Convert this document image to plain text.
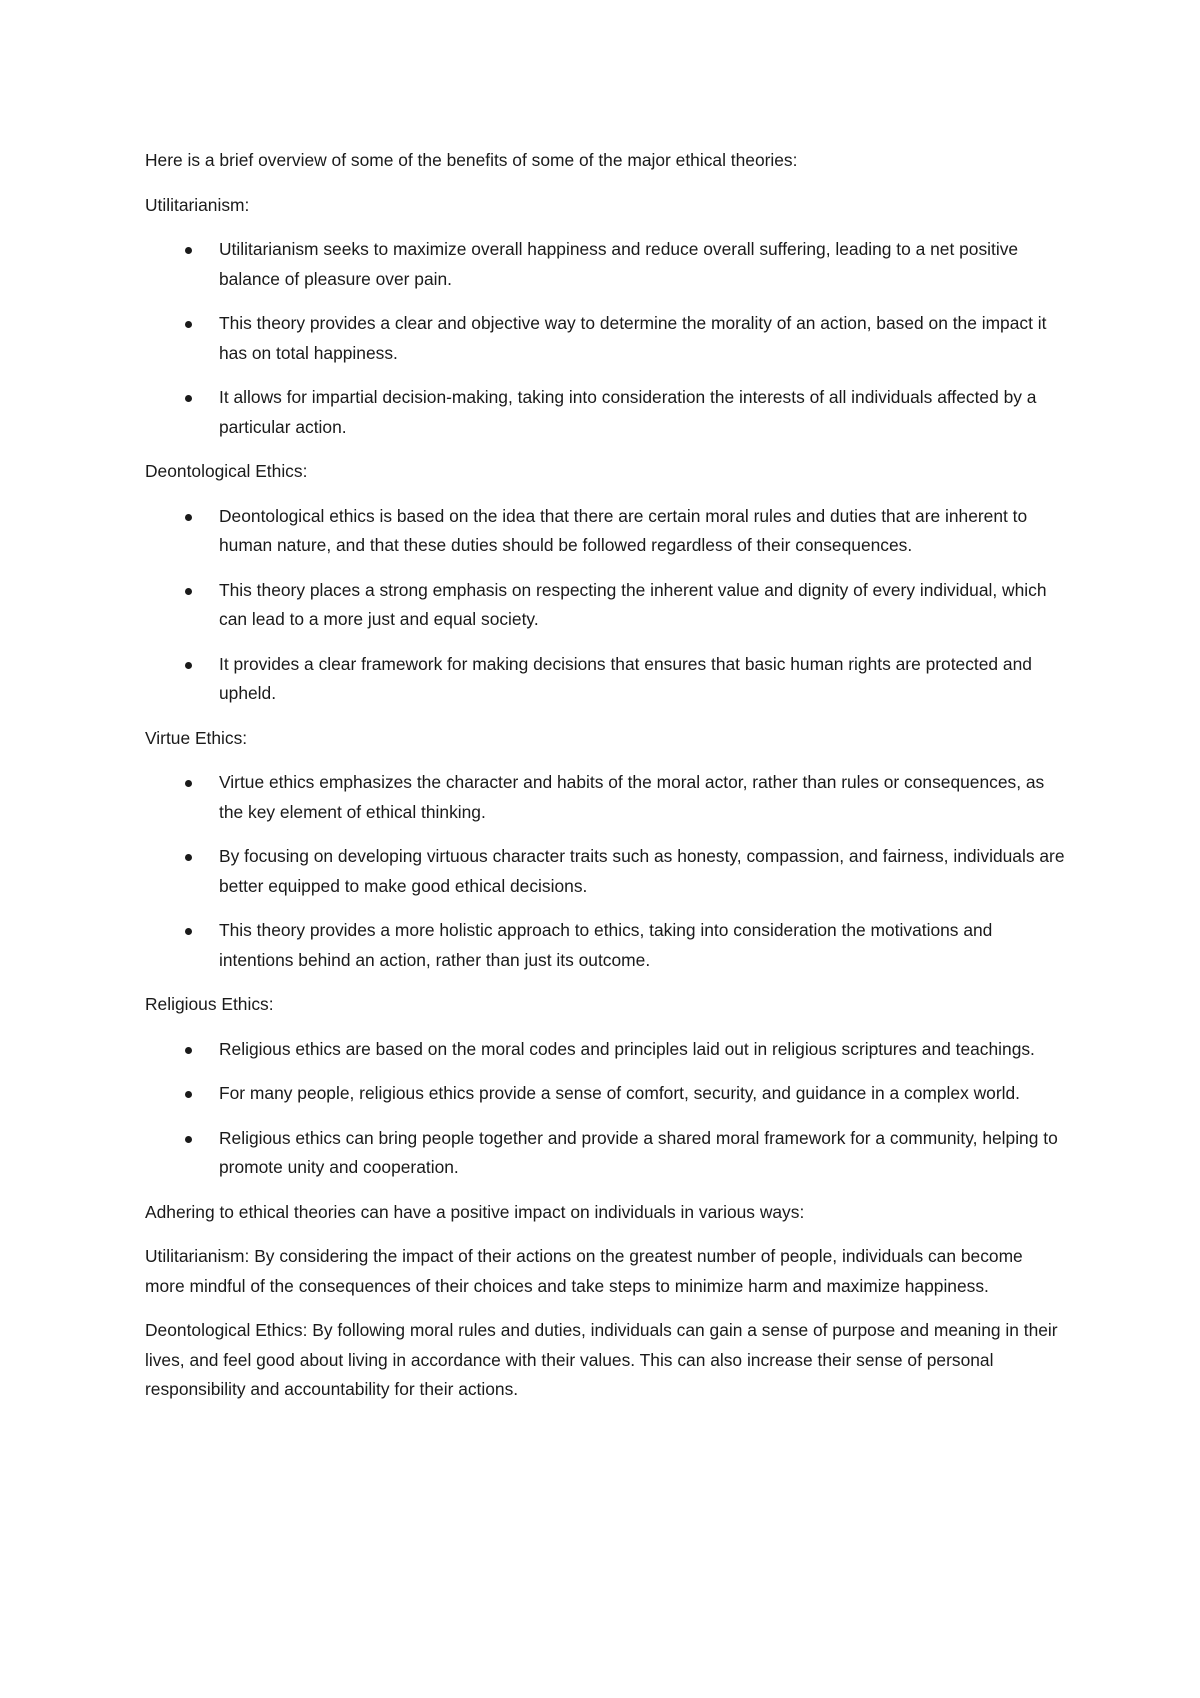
Here is a brief overview of some of the benefits of some of the major ethical theories:

Utilitarianism:

Utilitarianism seeks to maximize overall happiness and reduce overall suffering, leading to a net positive balance of pleasure over pain.
This theory provides a clear and objective way to determine the morality of an action, based on the impact it has on total happiness.
It allows for impartial decision-making, taking into consideration the interests of all individuals affected by a particular action.

Deontological Ethics:

Deontological ethics is based on the idea that there are certain moral rules and duties that are inherent to human nature, and that these duties should be followed regardless of their consequences.
This theory places a strong emphasis on respecting the inherent value and dignity of every individual, which can lead to a more just and equal society.
It provides a clear framework for making decisions that ensures that basic human rights are protected and upheld.

Virtue Ethics:

Virtue ethics emphasizes the character and habits of the moral actor, rather than rules or consequences, as the key element of ethical thinking.
By focusing on developing virtuous character traits such as honesty, compassion, and fairness, individuals are better equipped to make good ethical decisions.
This theory provides a more holistic approach to ethics, taking into consideration the motivations and intentions behind an action, rather than just its outcome.

Religious Ethics:

Religious ethics are based on the moral codes and principles laid out in religious scriptures and teachings.
For many people, religious ethics provide a sense of comfort, security, and guidance in a complex world.
Religious ethics can bring people together and provide a shared moral framework for a community, helping to promote unity and cooperation.

Adhering to ethical theories can have a positive impact on individuals in various ways:

Utilitarianism: By considering the impact of their actions on the greatest number of people, individuals can become more mindful of the consequences of their choices and take steps to minimize harm and maximize happiness.

Deontological Ethics: By following moral rules and duties, individuals can gain a sense of purpose and meaning in their lives, and feel good about living in accordance with their values. This can also increase their sense of personal responsibility and accountability for their actions.
